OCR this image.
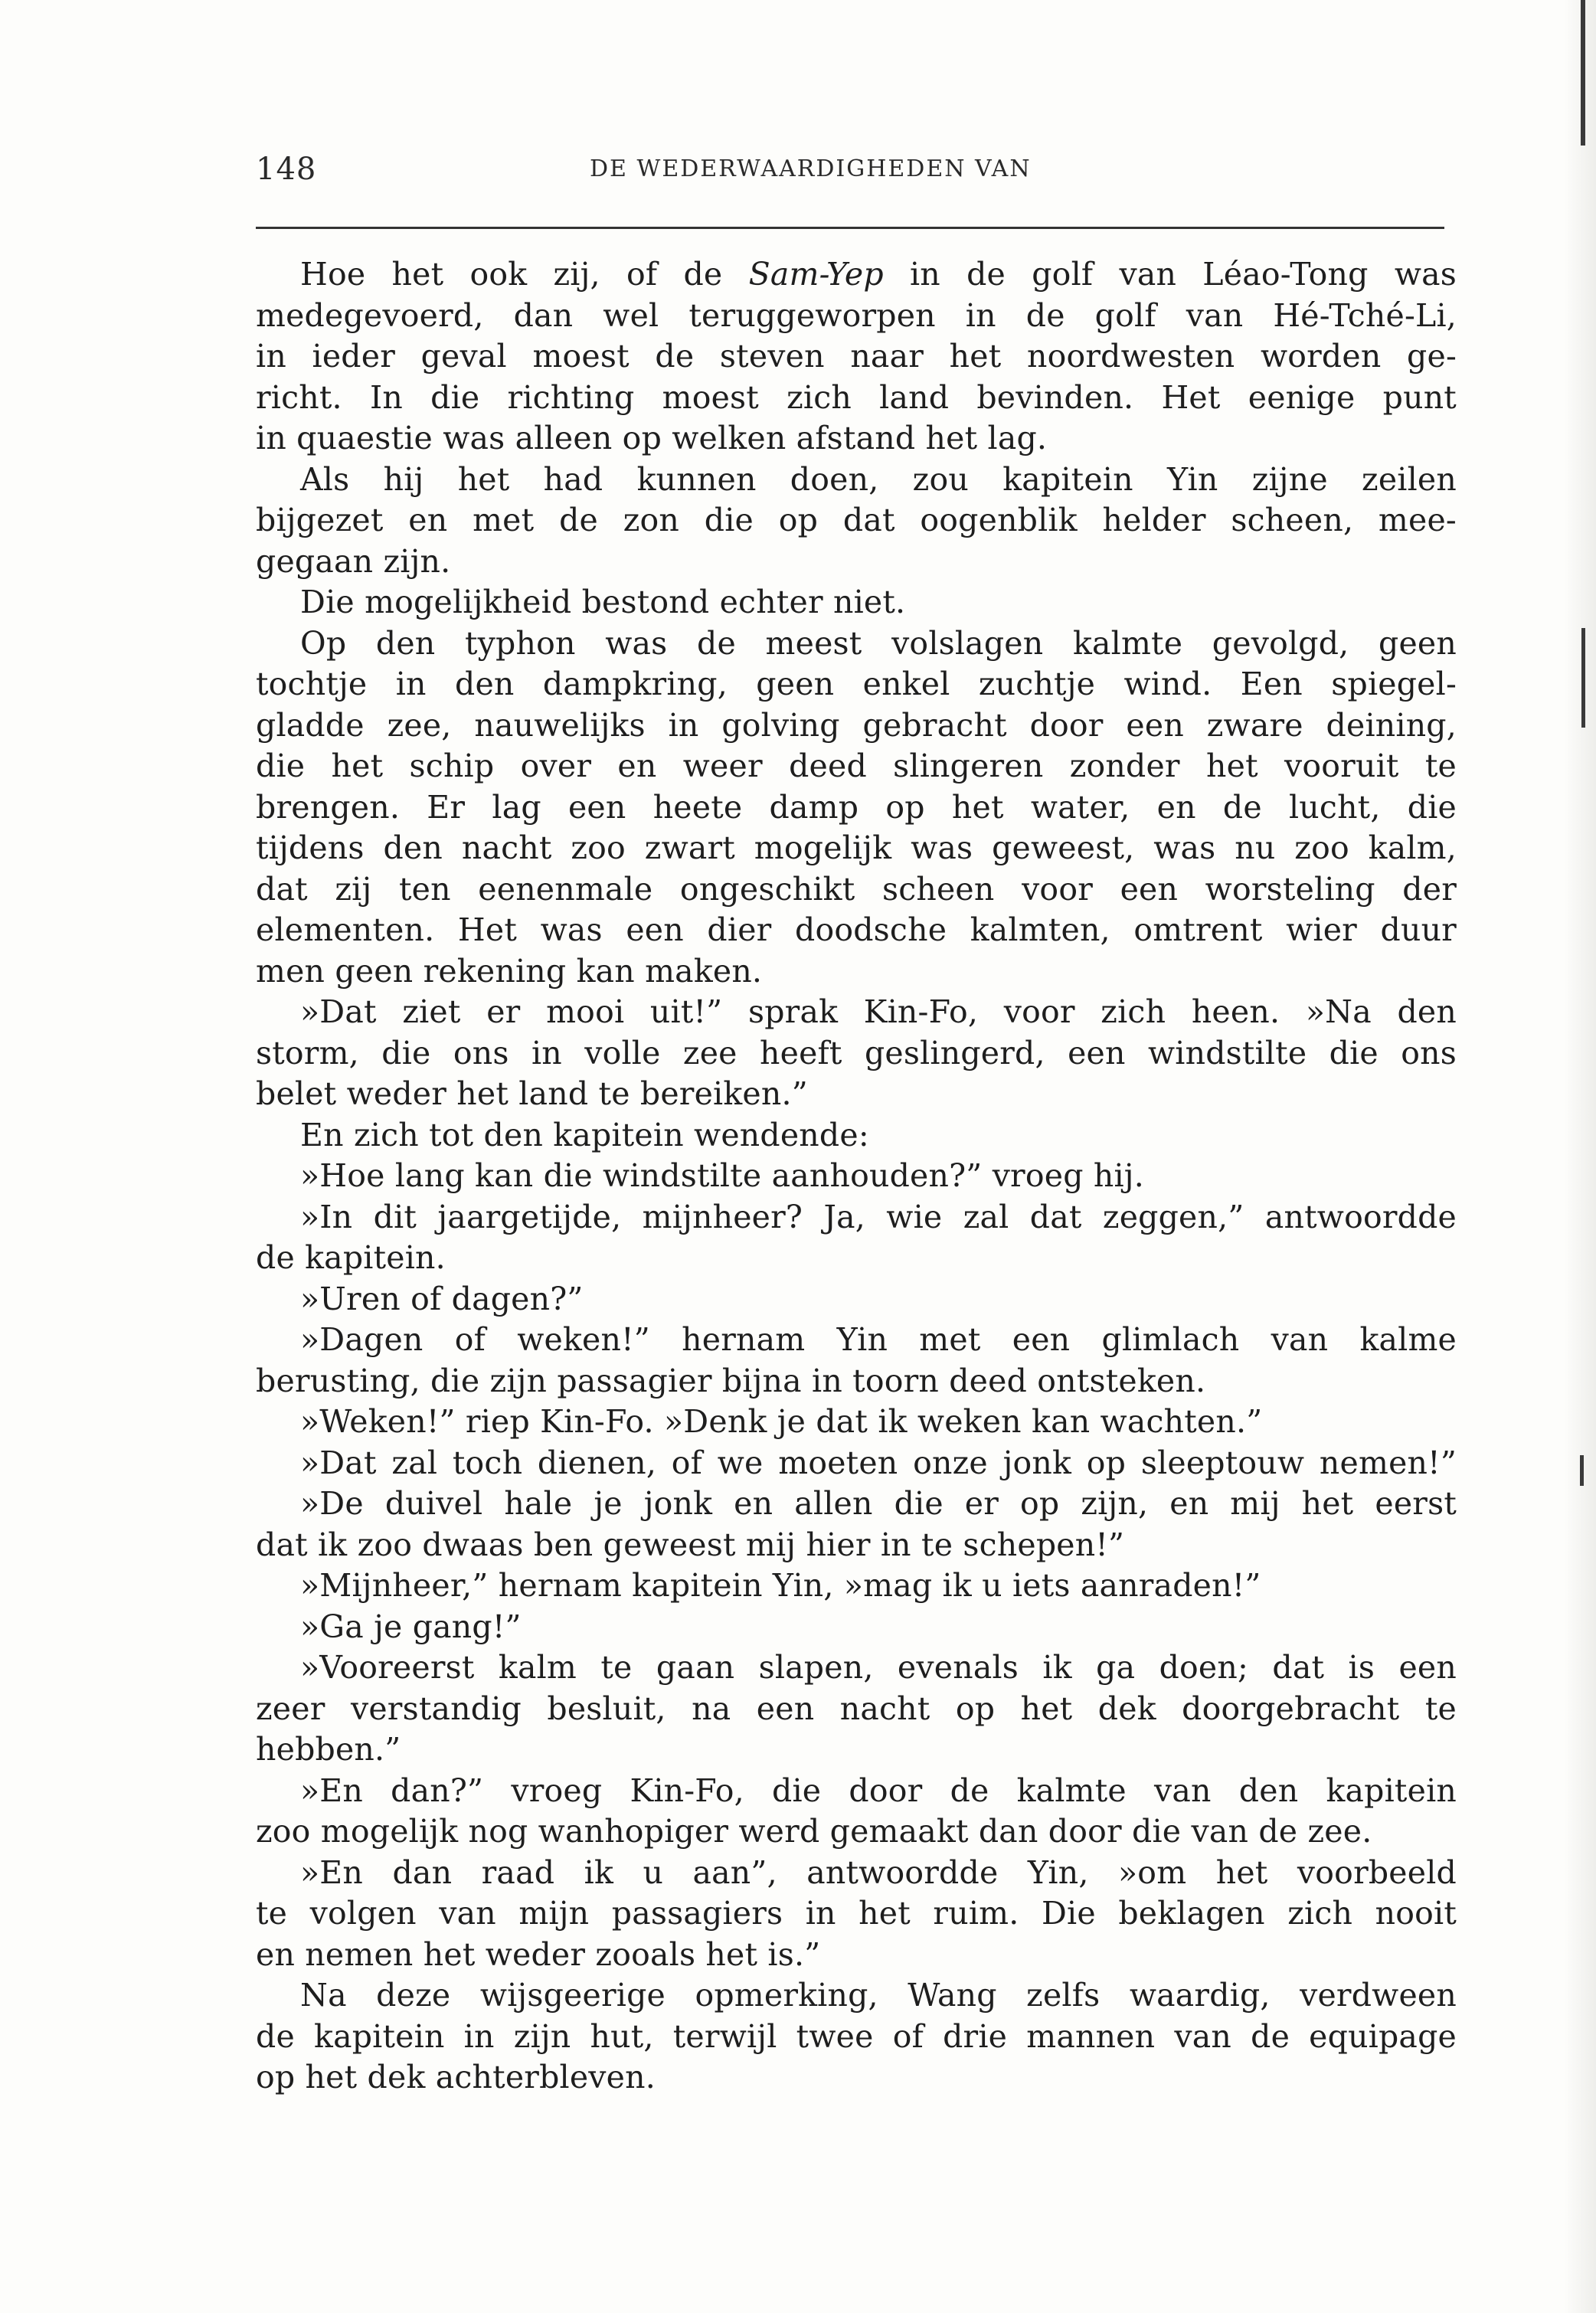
148	DE WEDERWAARDIGHEDEN VAN
Hoe het ook zij, of de Sam-Yep in de golf van Léao-Tong was
medegevoerd, dan wel teruggeworpen in de golf van Hé-Tché-Li,
in ieder geval moest de steven naar het noordwesten worden ge-
richt. In die richting moest zich land bevinden. Het eenige punt
in quaestie was alleen op welken afstand het lag.
Als hij het had kunnen doen, zou kapitein Yin zijne zeilen
bijgezet en met de zon die op dat oogenblik helder scheen, mee-
gegaan zijn.
Die mogelijkheid bestond echter niet.
Op den typhon was de meest volslagen kalmte gevolgd, geen
tochtje in den dampkring, geen enkel zuchtje wind. Een spiegel-
gladde zee, nauwelijks in golving gebracht door een zware deining,
die het schip over en weer deed slingeren zonder het vooruit te
brengen. Er lag een heete damp op het water, en de lucht, die
tijdens den nacht zoo zwart mogelijk was geweest, was nu zoo kalm,
dat zij ten eenenmale ongeschikt scheen voor een worsteling der
elementen. Het was een dier doodsche kalmten, omtrent wier duur
men geen rekening kan maken.
»Dat ziet er mooi uit!” sprak Kin-Fo, voor zich heen. »Na den
storm, die ons in volle zee heeft geslingerd, een windstilte die ons
belet weder het land te bereiken.”
En zich tot den kapitein wendende:
»Hoe lang kan die windstilte aanhouden?” vroeg hij.
»In dit jaargetijde, mijnheer? Ja, wie zal dat zeggen,” antwoordde
de kapitein.
»Uren of dagen?”
»Dagen of weken!” hernam Yin met een glimlach van kalme
berusting, die zijn passagier bijna in toorn deed ontsteken.
»Weken!” riep Kin-Fo. »Denk je dat ik weken kan wachten.”
»Dat zal toch dienen, of we moeten onze jonk op sleeptouw nemen!”
»De duivel hale je jonk en allen die er op zijn, en mij het eerst
dat ik zoo dwaas ben geweest mij hier in te schepen!”
»Mijnheer,” hernam kapitein Yin, »mag ik u iets aanraden!”
»Ga je gang!”
»Vooreerst kalm te gaan slapen, evenals ik ga doen; dat is een
zeer verstandig besluit, na een nacht op het dek doorgebracht te
hebben.”
»En dan?” vroeg Kin-Fo, die door de kalmte van den kapitein
zoo mogelijk nog wanhopiger werd gemaakt dan door die van de zee.
»En dan raad ik u aan”, antwoordde Yin, »om het voorbeeld
te volgen van mijn passagiers in het ruim. Die beklagen zich nooit
en nemen het weder zooals het is.”
Na deze wijsgeerige opmerking, Wang zelfs waardig, verdween
de kapitein in zijn hut, terwijl twee of drie mannen van de equipage
op het dek achterbleven.
